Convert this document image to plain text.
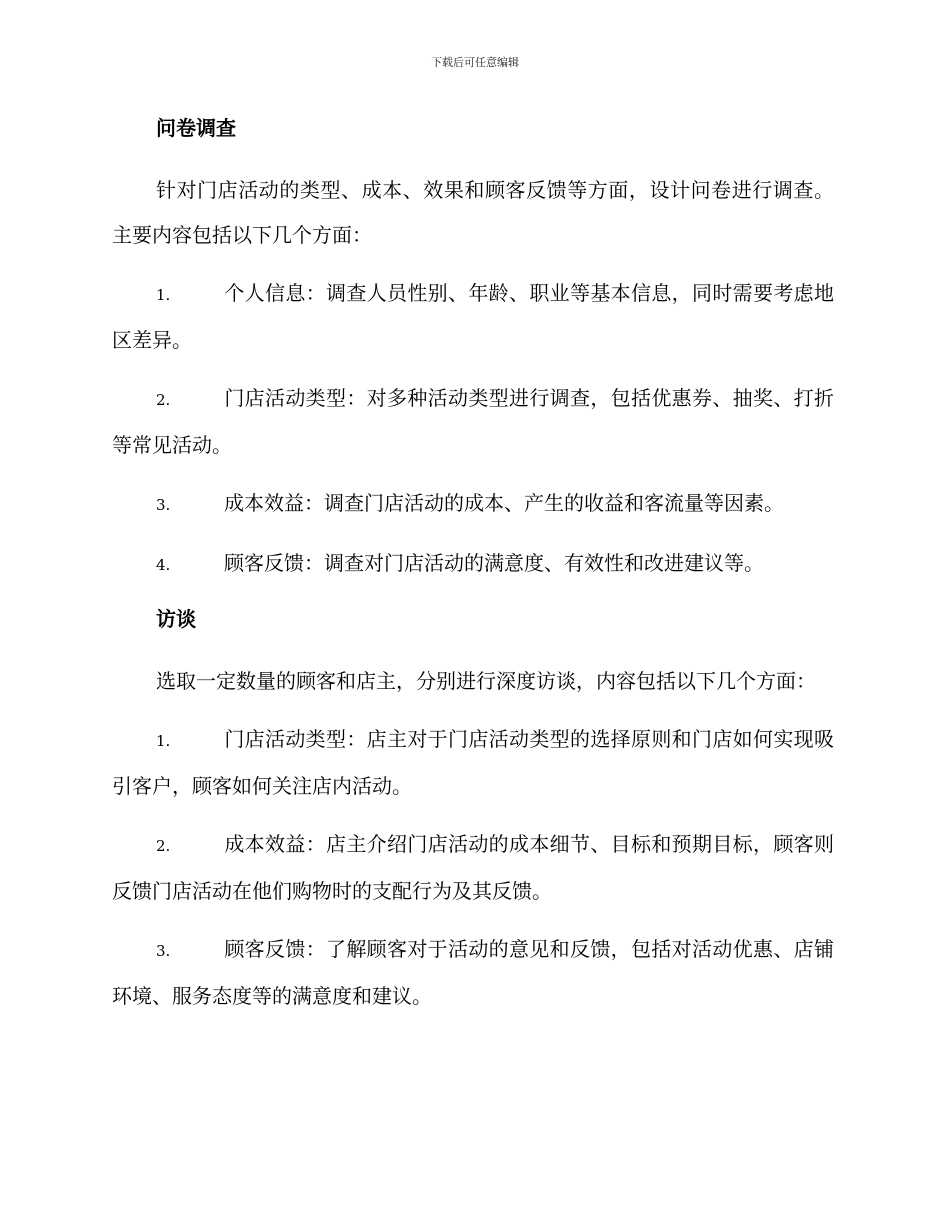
下载后可任意编辑
问卷调查
针对门店活动的类型、成本、效果和顾客反馈等方面，设计问卷进行调查。主要内容包括以下几个方面：
1.	个人信息：调查人员性别、年龄、职业等基本信息，同时需要考虑地区差异。
2.	门店活动类型：对多种活动类型进行调查，包括优惠券、抽奖、打折等常见活动。
3.	成本效益：调查门店活动的成本、产生的收益和客流量等因素。
4.	顾客反馈：调查对门店活动的满意度、有效性和改进建议等。
访谈
选取一定数量的顾客和店主，分别进行深度访谈，内容包括以下几个方面：
1.	门店活动类型：店主对于门店活动类型的选择原则和门店如何实现吸引客户，顾客如何关注店内活动。
2.	成本效益：店主介绍门店活动的成本细节、目标和预期目标，顾客则反馈门店活动在他们购物时的支配行为及其反馈。
3.	顾客反馈：了解顾客对于活动的意见和反馈，包括对活动优惠、店铺环境、服务态度等的满意度和建议。
